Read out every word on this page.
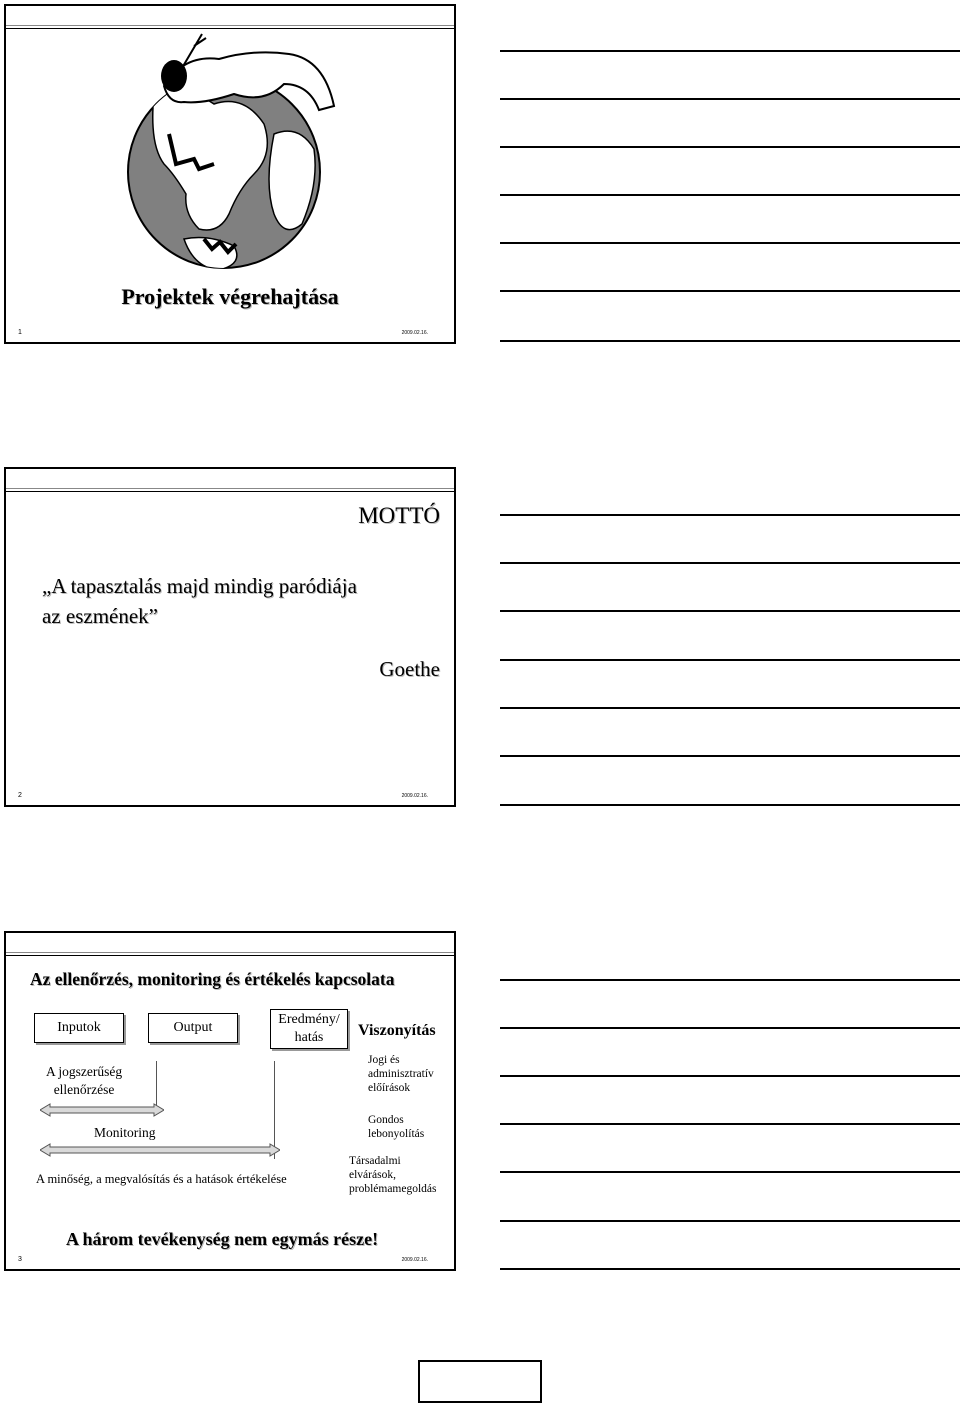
Projektek végrehajtása
1	2009.02.16.
MOTTÓ
„A tapasztalás majd mindig paródiája
az eszmének”
Goethe
2	2009.02.16.
Az ellenőrzés, monitoring és értékelés kapcsolata
Inputok	Output
Eredmény/
hatás	Viszonyítás
A jogszerűség
ellenőrzése
Monitoring
A minőség, a megvalósítás és a hatások értékelése
Jogi és
adminisztratív
előírások
Gondos
lebonyolítás
Társadalmi
elvárások,
problémamegoldás
A három tevékenység nem egymás része!
3	2009.02.16.
